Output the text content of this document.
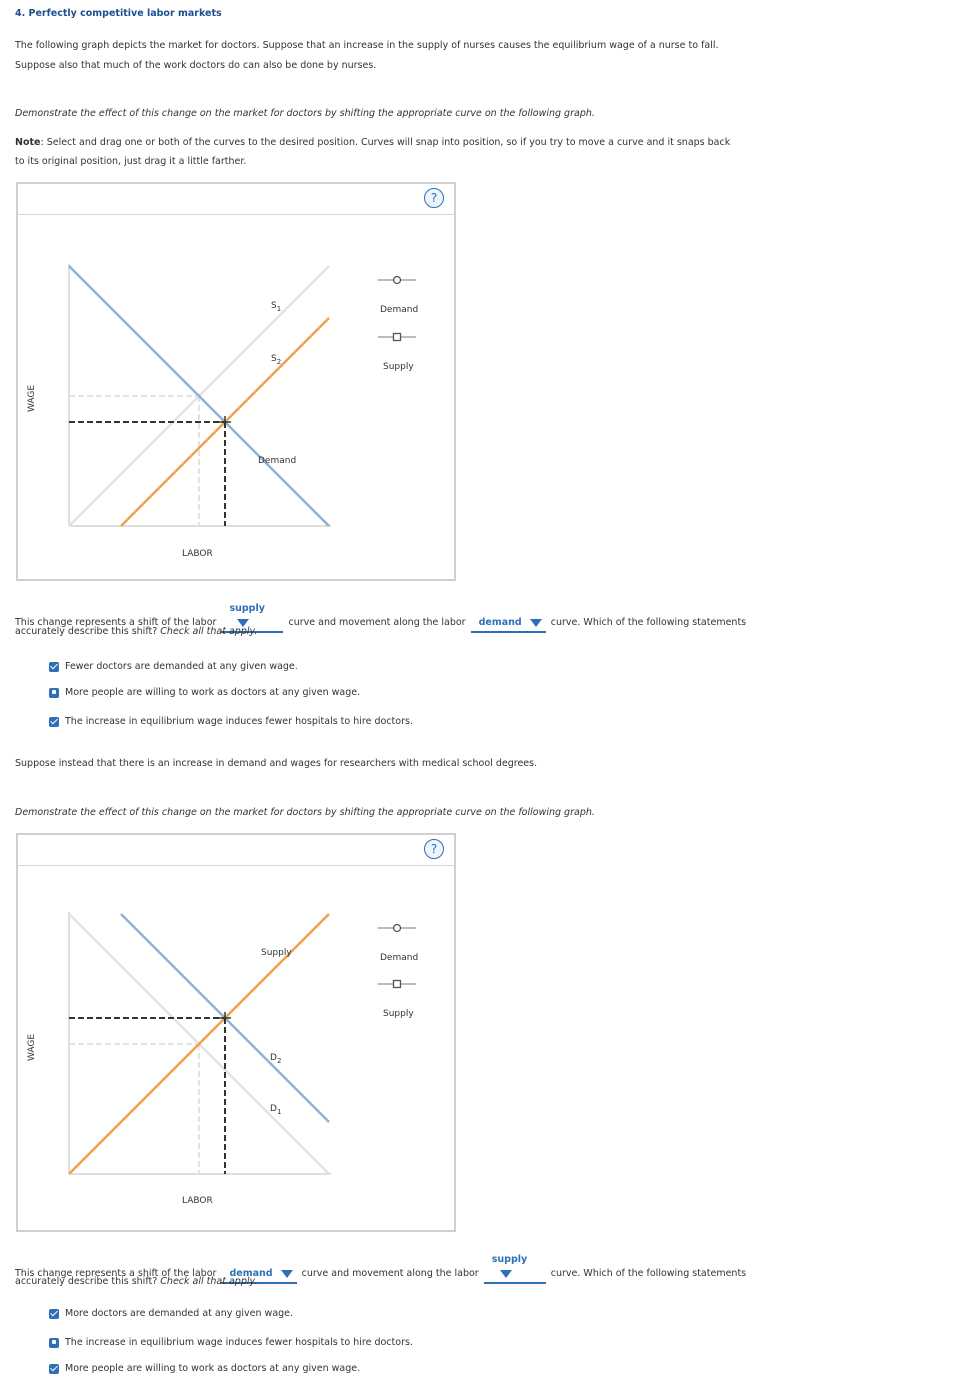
4. Perfectly competitive labor markets
The following graph depicts the market for doctors. Suppose that an increase in the supply of nurses causes the equilibrium wage of a nurse to fall.
Suppose also that much of the work doctors do can also be done by nurses.
Demonstrate the effect of this change on the market for doctors by shifting the appropriate curve on the following graph.
Note: Select and drag one or both of the curves to the desired position. Curves will snap into position, so if you try to move a curve and it snaps back
to its original position, just drag it a little farther.
?
$S_1$
$S_2$
Demand
LABOR
Demand
Supply
WAGE
This change represents a shift of the labor supply curve and movement along the labor demand	curve. Which of the following statements
accurately describe this shift? Check all that apply.
Fewer doctors are demanded at any given wage.
More people are willing to work as doctors at any given wage.
The increase in equilibrium wage induces fewer hospitals to hire doctors.
Suppose instead that there is an increase in demand and wages for researchers with medical school degrees.
Demonstrate the effect of this change on the market for doctors by shifting the appropriate curve on the following graph.
?
Supply
$D_2$
$D_1$
LABOR
Demand
Supply
WAGE
This change represents a shift of the labor demand	curve and movement along the labor supply curve. Which of the following statements
accurately describe this shift? Check all that apply.
More doctors are demanded at any given wage.
The increase in equilibrium wage induces fewer hospitals to hire doctors.
More people are willing to work as doctors at any given wage.
